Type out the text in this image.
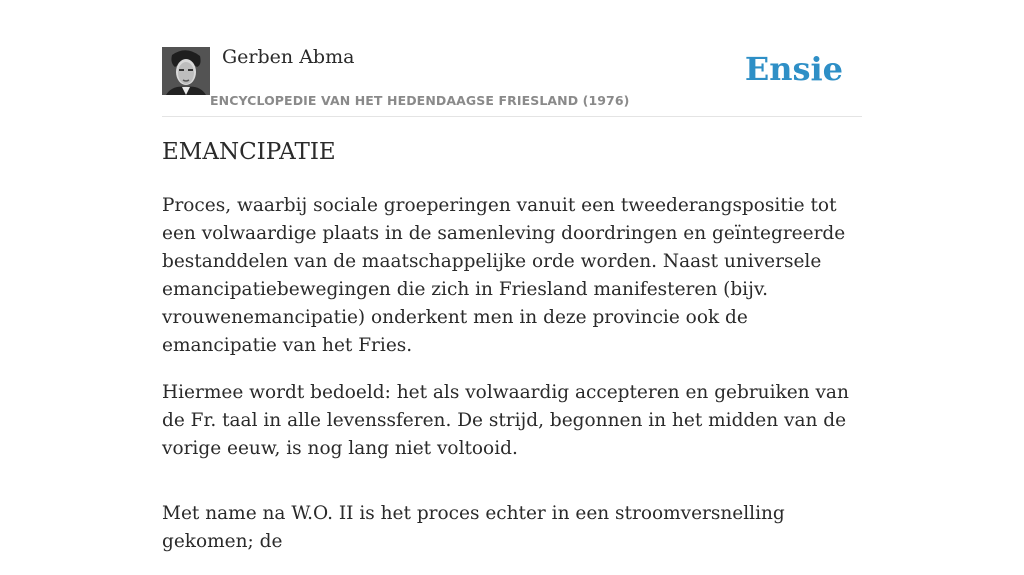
Gerben Abma
ENCYCLOPEDIE VAN HET HEDENDAAGSE FRIESLAND (1976)
Ensie
EMANCIPATIE

Proces, waarbij sociale groeperingen vanuit een tweederangspositie tot een volwaardige plaats in de samenleving doordringen en geïntegreerde bestanddelen van de maatschappelijke orde worden. Naast universele emancipatiebewegingen die zich in Friesland manifesteren (bijv. vrouwenemancipatie) onderkent men in deze provincie ook de emancipatie van het Fries.

Hiermee wordt bedoeld: het als volwaardig accepteren en gebruiken van de Fr. taal in alle levenssferen. De strijd, begonnen in het midden van de vorige eeuw, is nog lang niet voltooid.

Met name na W.O. II is het proces echter in een stroomversnelling gekomen; de
